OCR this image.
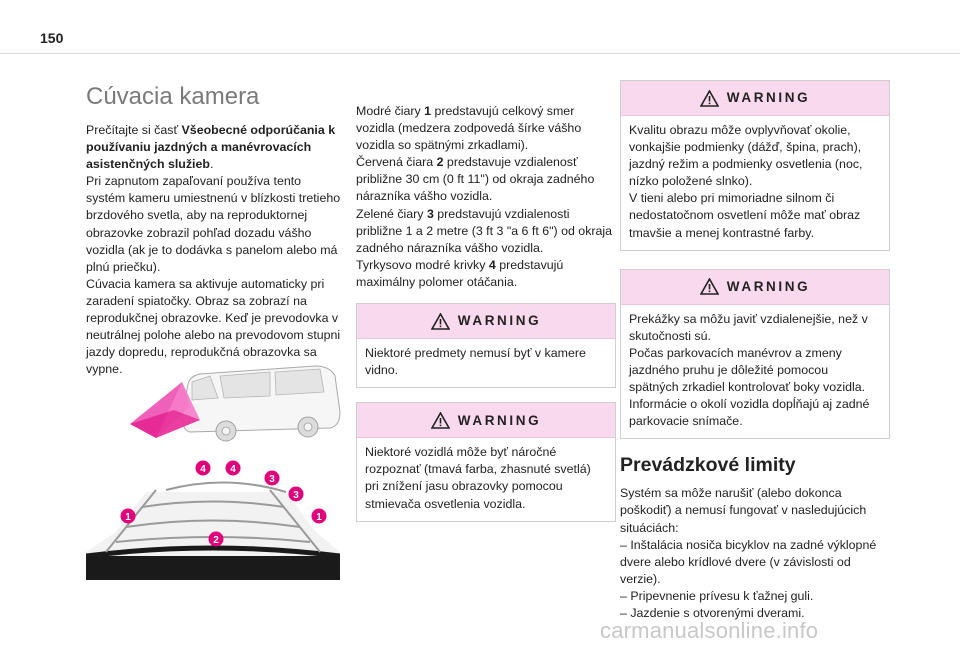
150
Cúvacia kamera

Prečítajte si časť Všeobecné odporúčania k používaniu jazdných a manévrovacích asistenčných služieb.

Pri zapnutom zapaľovaní používa tento systém kameru umiestnenú v blízkosti tretieho brzdového svetla, aby na reproduktornej obrazovke zobrazil pohľad dozadu vášho vozidla (ak je to dodávka s panelom alebo má plnú priečku).

Cúvacia kamera sa aktivuje automaticky pri zaradení spiatočky. Obraz sa zobrazí na reprodukčnej obrazovke. Keď je prevodovka v neutrálnej polohe alebo na prevodovom stupni jazdy dopredu, reprodukčná obrazovka sa vypne.

1	1
2
3
3
4 4

Modré čiary 1 predstavujú celkový smer vozidla (medzera zodpovedá šírke vášho vozidla so spätnými zrkadlami).

Červená čiara 2 predstavuje vzdialenosť približne 30 cm (0 ft 11") od okraja zadného nárazníka vášho vozidla.

Zelené čiary 3 predstavujú vzdialenosti približne 1 a 2 metre (3 ft 3 "a 6 ft 6") od okraja zadného nárazníka vášho vozidla.

Tyrkysovo modré krivky 4 predstavujú maximálny polomer otáčania.

WARNING
Niektoré predmety nemusí byť v kamere vidno.
WARNING
Niektoré vozidlá môže byť náročné rozpoznať (tmavá farba, zhasnuté svetlá) pri znížení jasu obrazovky pomocou stmievača osvetlenia vozidla.
WARNING
Kvalitu obrazu môže ovplyvňovať okolie, vonkajšie podmienky (dážď, špina, prach), jazdný režim a podmienky osvetlenia (noc, nízko položené slnko).
V tieni alebo pri mimoriadne silnom či nedostatočnom osvetlení môže mať obraz tmavšie a menej kontrastné farby.
WARNING
Prekážky sa môžu javiť vzdialenejšie, než v skutočnosti sú.
Počas parkovacích manévrov a zmeny jazdného pruhu je dôležité pomocou spätných zrkadiel kontrolovať boky vozidla.
Informácie o okolí vozidla dopĺňajú aj zadné parkovacie snímače.
Prevádzkové limity

Systém sa môže narušiť (alebo dokonca poškodiť) a nemusí fungovať v nasledujúcich situáciách:

– Inštalácia nosiča bicyklov na zadné výklopné dvere alebo krídlové dvere (v závislosti od verzie).

– Pripevnenie prívesu k ťažnej guli.

– Jazdenie s otvorenými dverami.

carmanualsonline.info
